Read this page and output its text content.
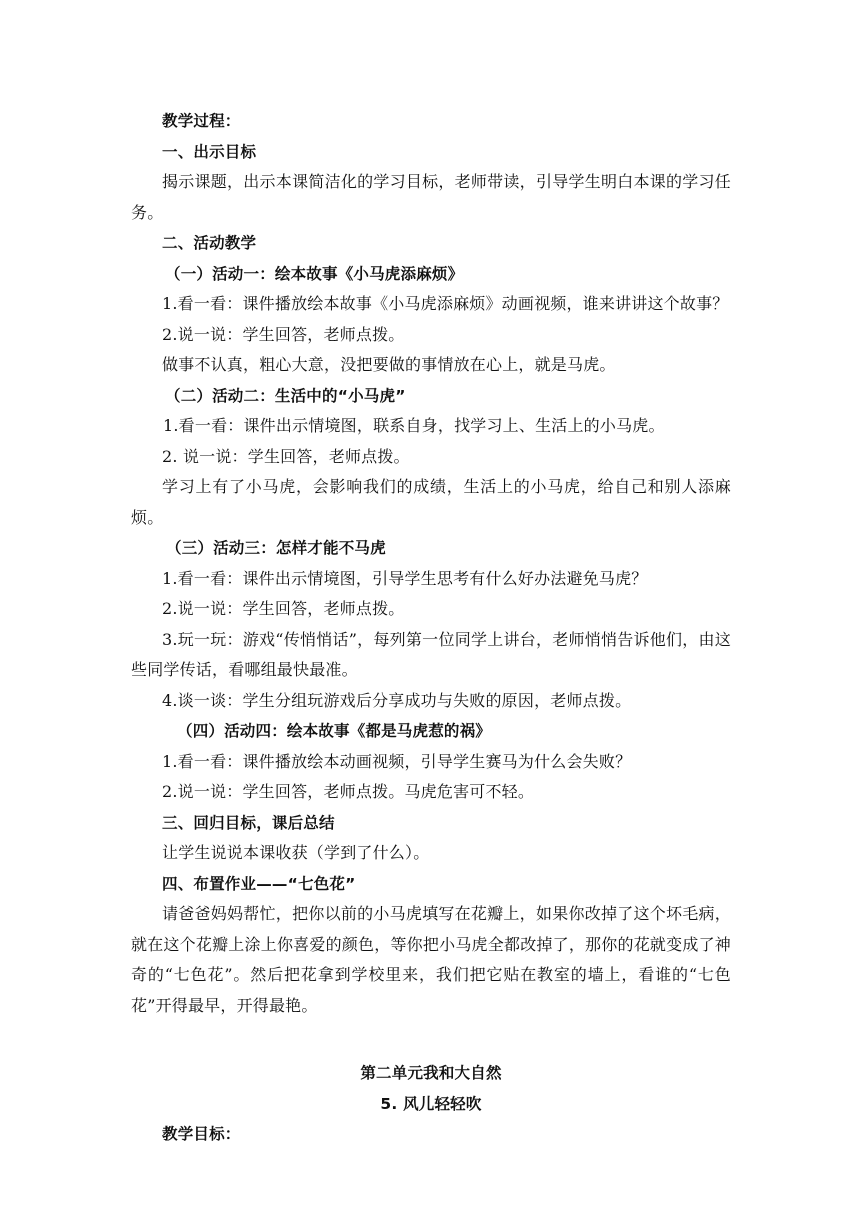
教学过程：

一、出示目标

揭示课题，出示本课简洁化的学习目标，老师带读，引导学生明白本课的学习任务。

二、活动教学

（一）活动一：绘本故事《小马虎添麻烦》

1.看一看：课件播放绘本故事《小马虎添麻烦》动画视频，谁来讲讲这个故事？

2.说一说：学生回答，老师点拨。

做事不认真，粗心大意，没把要做的事情放在心上，就是马虎。

（二）活动二：生活中的“小马虎”

1.看一看：课件出示情境图，联系自身，找学习上、生活上的小马虎。

2. 说一说：学生回答，老师点拨。

学习上有了小马虎，会影响我们的成绩，生活上的小马虎，给自己和别人添麻烦。

（三）活动三：怎样才能不马虎

1.看一看：课件出示情境图，引导学生思考有什么好办法避免马虎？

2.说一说：学生回答，老师点拨。

3.玩一玩：游戏“传悄悄话”，每列第一位同学上讲台，老师悄悄告诉他们，由这些同学传话，看哪组最快最准。

4.谈一谈：学生分组玩游戏后分享成功与失败的原因，老师点拨。

（四）活动四：绘本故事《都是马虎惹的祸》

1.看一看：课件播放绘本动画视频，引导学生赛马为什么会失败？

2.说一说：学生回答，老师点拨。马虎危害可不轻。

三、回归目标，课后总结

让学生说说本课收获（学到了什么）。

四、布置作业——“七色花”

请爸爸妈妈帮忙，把你以前的小马虎填写在花瓣上，如果你改掉了这个坏毛病，就在这个花瓣上涂上你喜爱的颜色，等你把小马虎全都改掉了，那你的花就变成了神奇的“七色花”。然后把花拿到学校里来，我们把它贴在教室的墙上，看谁的“七色花”开得最早，开得最艳。

第二单元我和大自然

5. 风儿轻轻吹

教学目标：
